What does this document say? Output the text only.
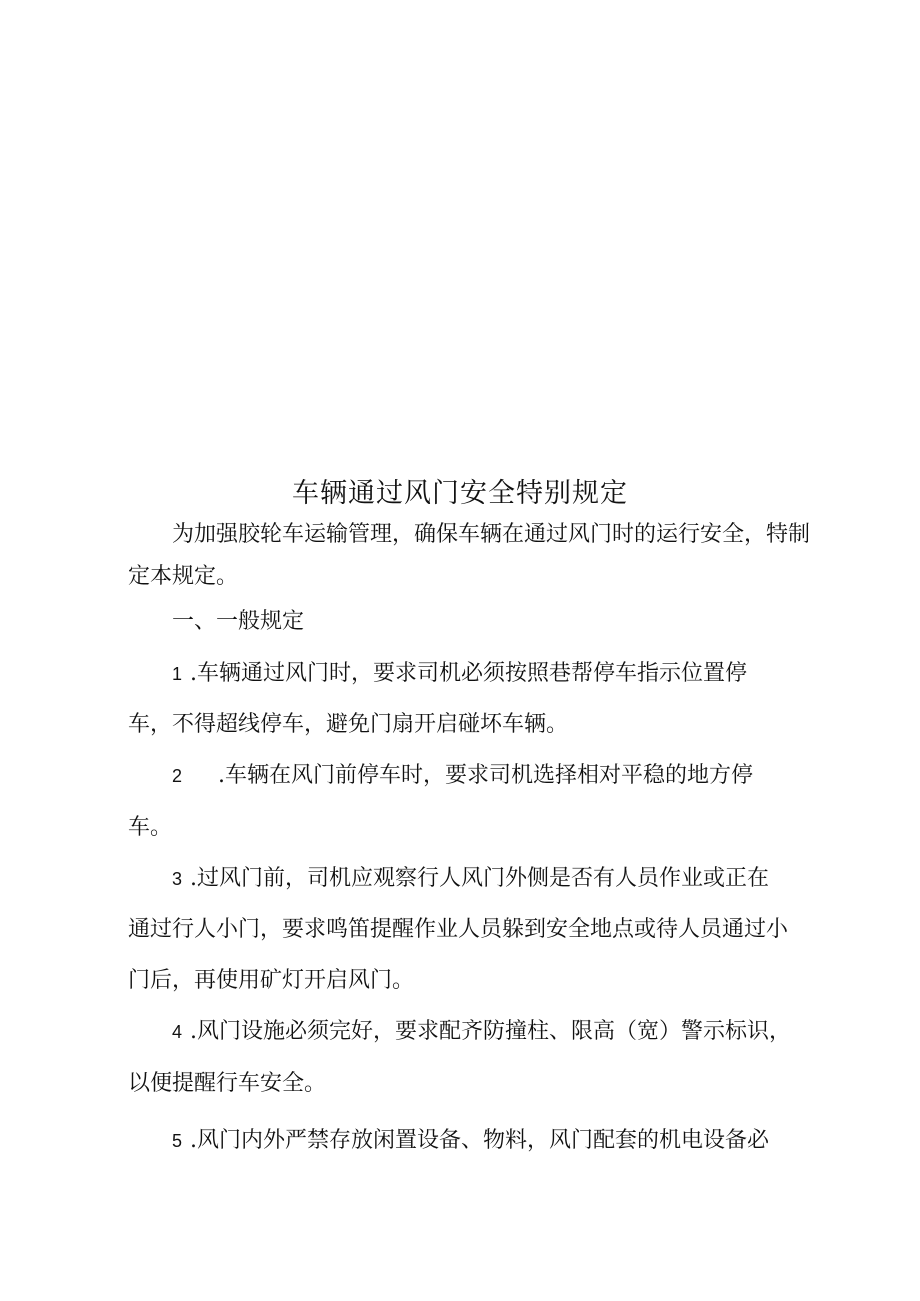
车辆通过风门安全特别规定

为加强胶轮车运输管理，确保车辆在通过风门时的运行安全，特制

定本规定。

一、一般规定

1 .车辆通过风门时，要求司机必须按照巷帮停车指示位置停

车，不得超线停车，避免门扇开启碰坏车辆。

2 .车辆在风门前停车时，要求司机选择相对平稳的地方停

车。

3 .过风门前，司机应观察行人风门外侧是否有人员作业或正在

通过行人小门，要求鸣笛提醒作业人员躲到安全地点或待人员通过小

门后，再使用矿灯开启风门。

4 .风门设施必须完好，要求配齐防撞柱、限高（宽）警示标识，

以便提醒行车安全。

5 .风门内外严禁存放闲置设备、物料，风门配套的机电设备必
